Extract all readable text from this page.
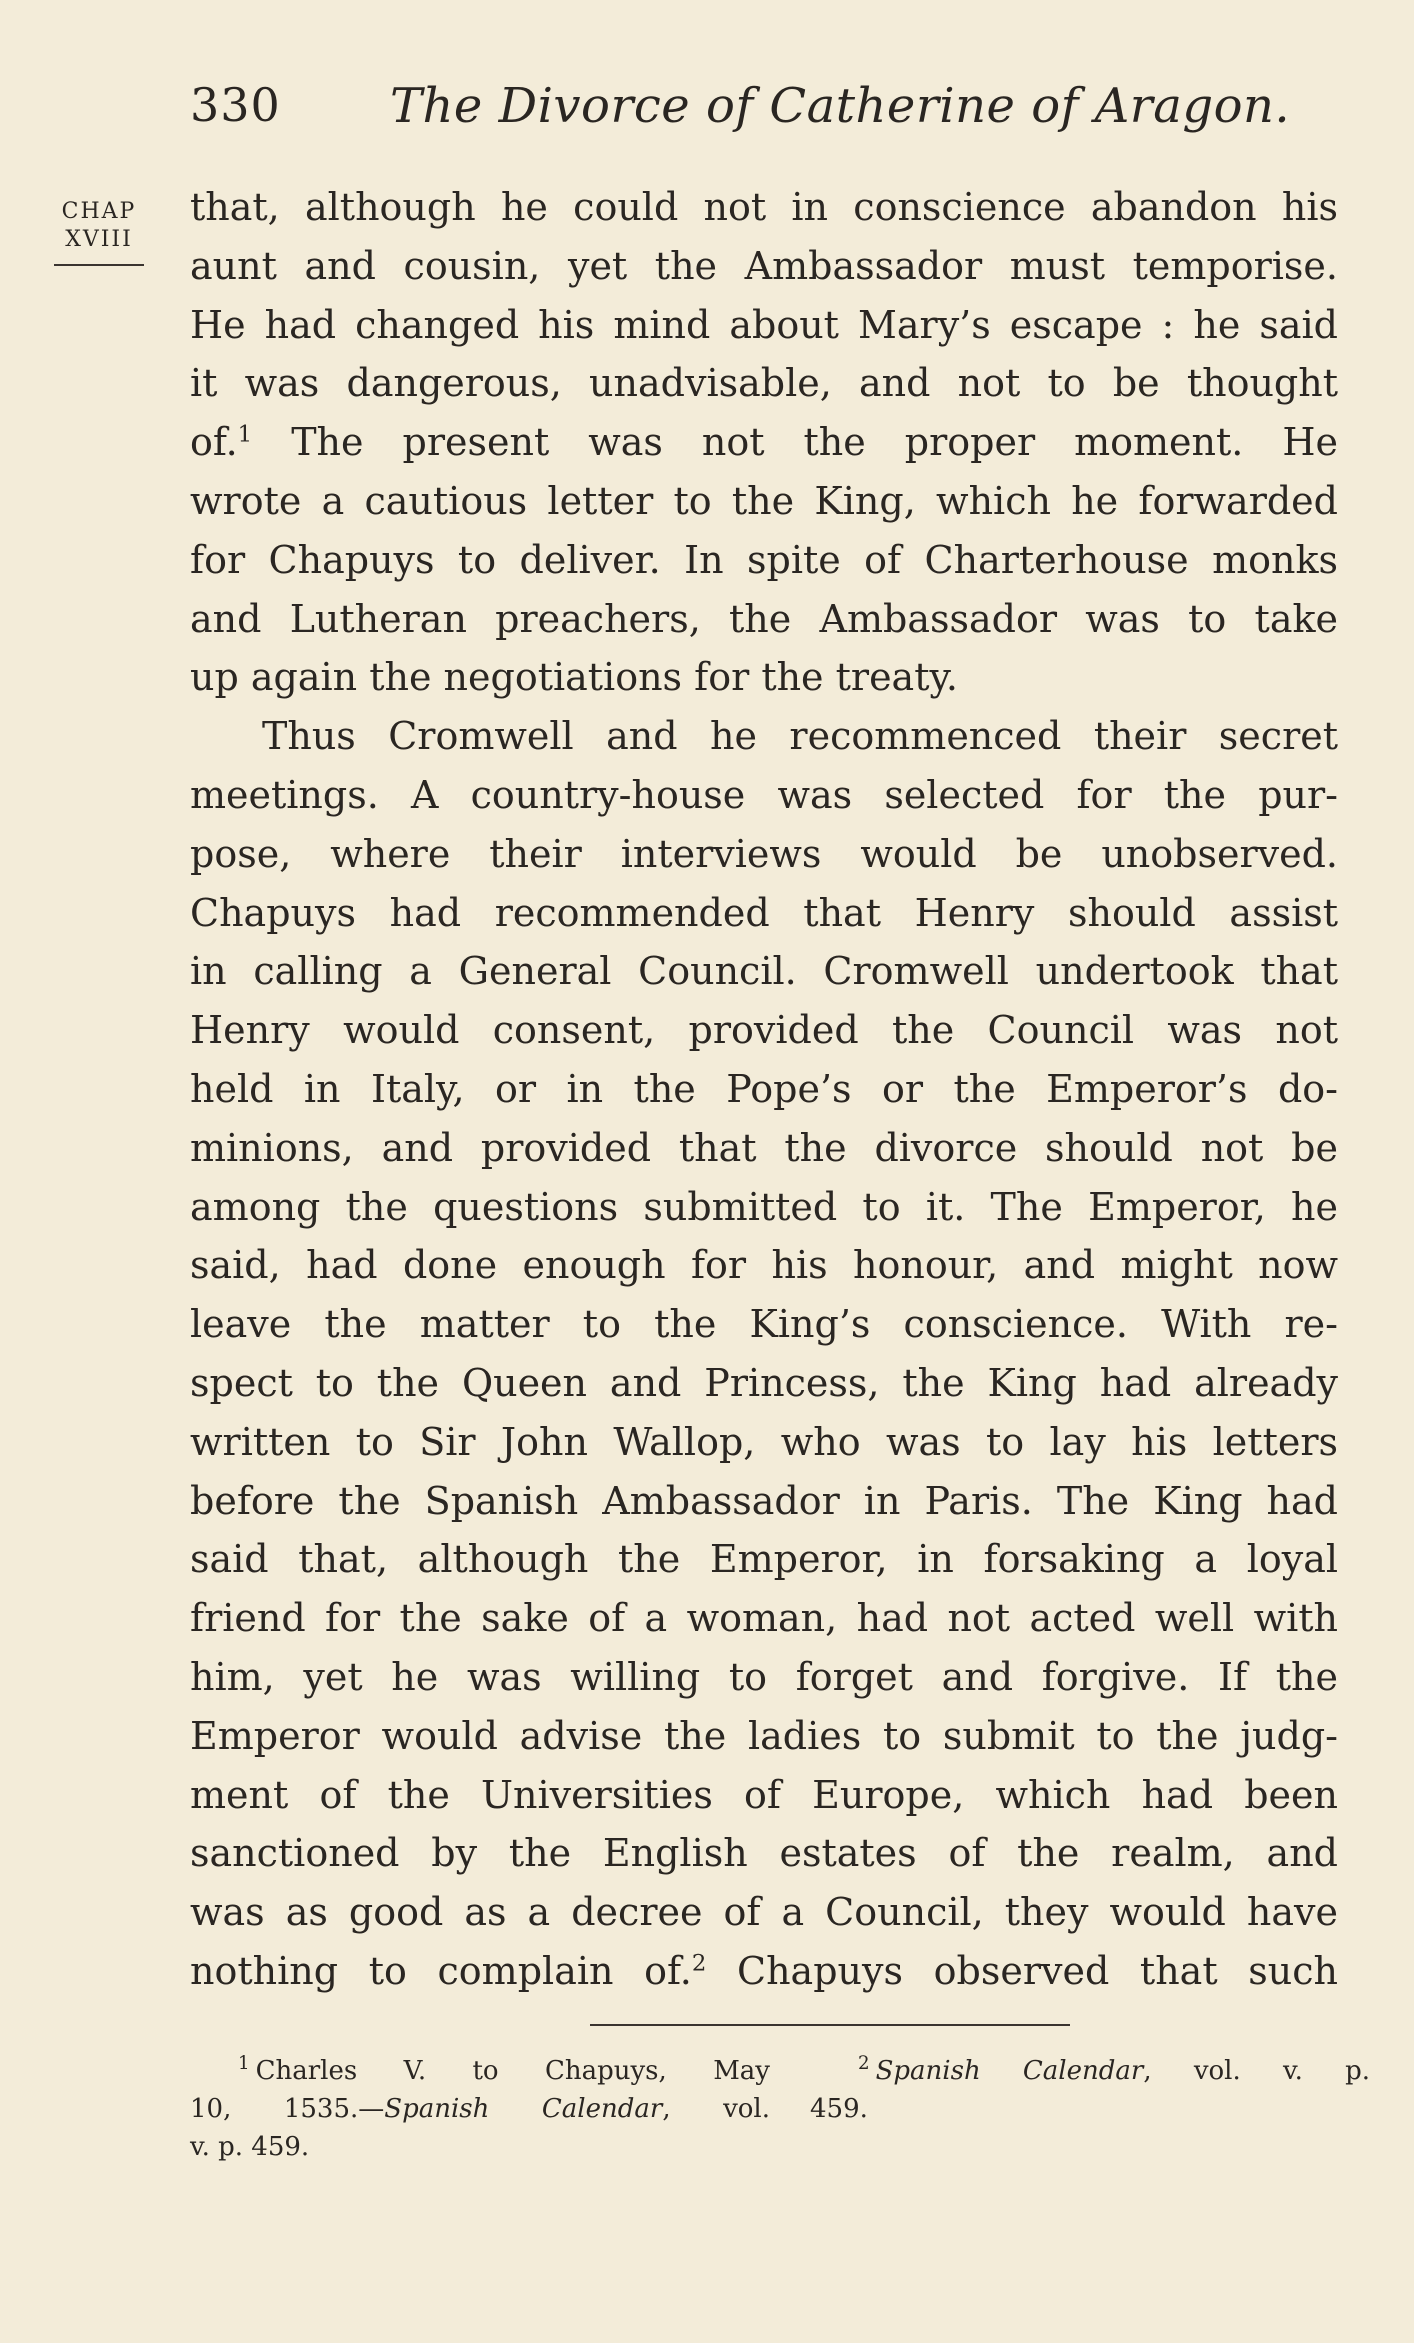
330 The Divorce of Catherine of Aragon.
CHAP
XVIII
that, although he could not in conscience abandon his
aunt and cousin, yet the Ambassador must temporise.
He had changed his mind about Mary’s escape : he said
it was dangerous, unadvisable, and not to be thought
of.$^1$ The present was not the proper moment. He
wrote a cautious letter to the King, which he forwarded
for Chapuys to deliver. In spite of Charterhouse monks
and Lutheran preachers, the Ambassador was to take
up again the negotiations for the treaty.
Thus Cromwell and he recommenced their secret
meetings. A country-house was selected for the pur-
pose, where their interviews would be unobserved.
Chapuys had recommended that Henry should assist
in calling a General Council. Cromwell undertook that
Henry would consent, provided the Council was not
held in Italy, or in the Pope’s or the Emperor’s do-
minions, and provided that the divorce should not be
among the questions submitted to it. The Emperor, he
said, had done enough for his honour, and might now
leave the matter to the King’s conscience. With re-
spect to the Queen and Princess, the King had already
written to Sir John Wallop, who was to lay his letters
before the Spanish Ambassador in Paris. The King had
said that, although the Emperor, in forsaking a loyal
friend for the sake of a woman, had not acted well with
him, yet he was willing to forget and forgive. If the
Emperor would advise the ladies to submit to the judg-
ment of the Universities of Europe, which had been
sanctioned by the English estates of the realm, and
was as good as a decree of a Council, they would have
nothing to complain of.$^2$ Chapuys observed that such
$^1$ Charles V. to Chapuys, May
10, 1535.—Spanish Calendar, vol.
v. p. 459.
$^2$ Spanish Calendar, vol. v. p.
459.
